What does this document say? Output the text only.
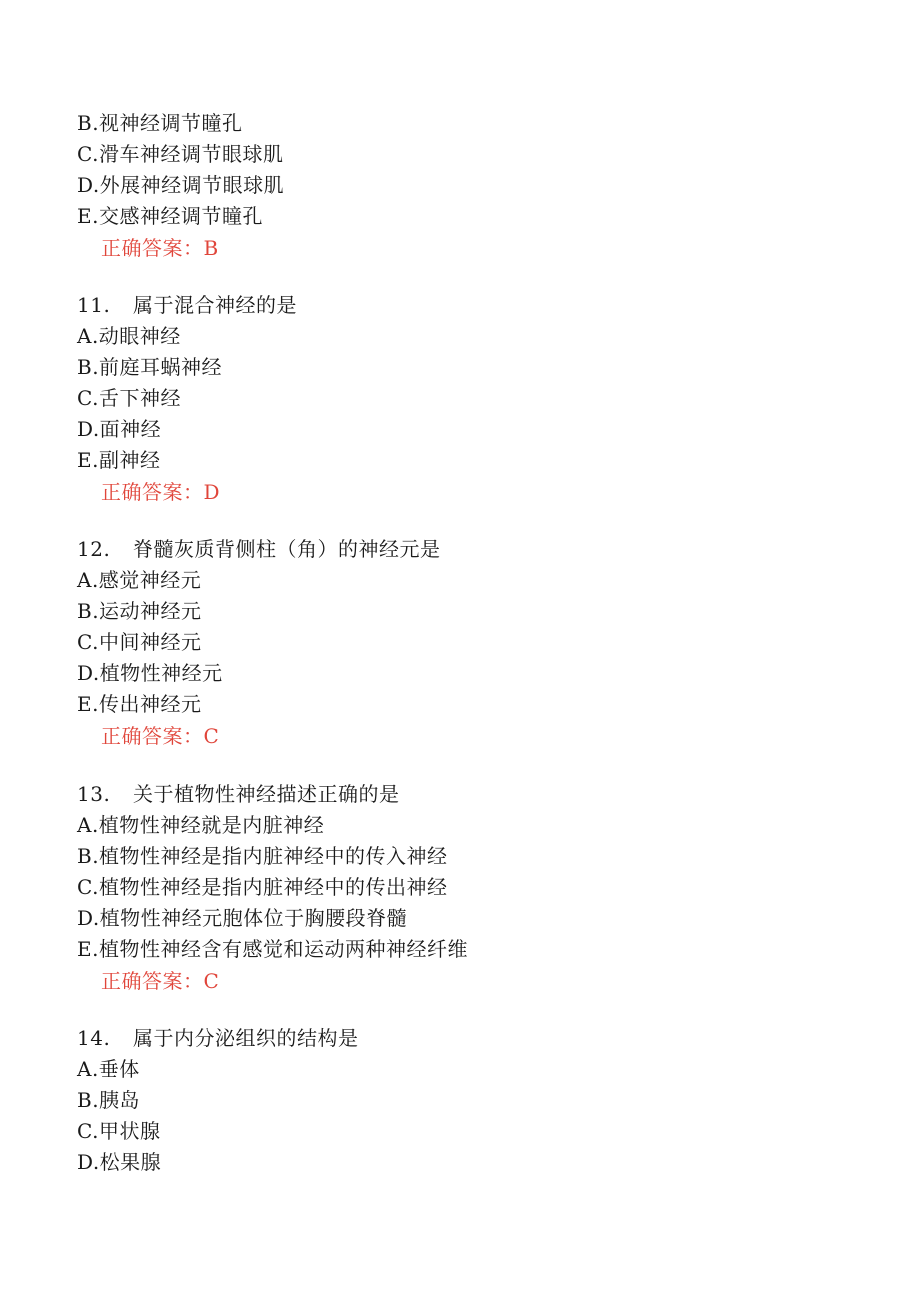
B.视神经调节瞳孔
C.滑车神经调节眼球肌
D.外展神经调节眼球肌
E.交感神经调节瞳孔
正确答案：B
11. 属于混合神经的是
A.动眼神经
B.前庭耳蜗神经
C.舌下神经
D.面神经
E.副神经
正确答案：D
12. 脊髓灰质背侧柱（角）的神经元是
A.感觉神经元
B.运动神经元
C.中间神经元
D.植物性神经元
E.传出神经元
正确答案：C
13. 关于植物性神经描述正确的是
A.植物性神经就是内脏神经
B.植物性神经是指内脏神经中的传入神经
C.植物性神经是指内脏神经中的传出神经
D.植物性神经元胞体位于胸腰段脊髓
E.植物性神经含有感觉和运动两种神经纤维
正确答案：C
14. 属于内分泌组织的结构是
A.垂体
B.胰岛
C.甲状腺
D.松果腺
